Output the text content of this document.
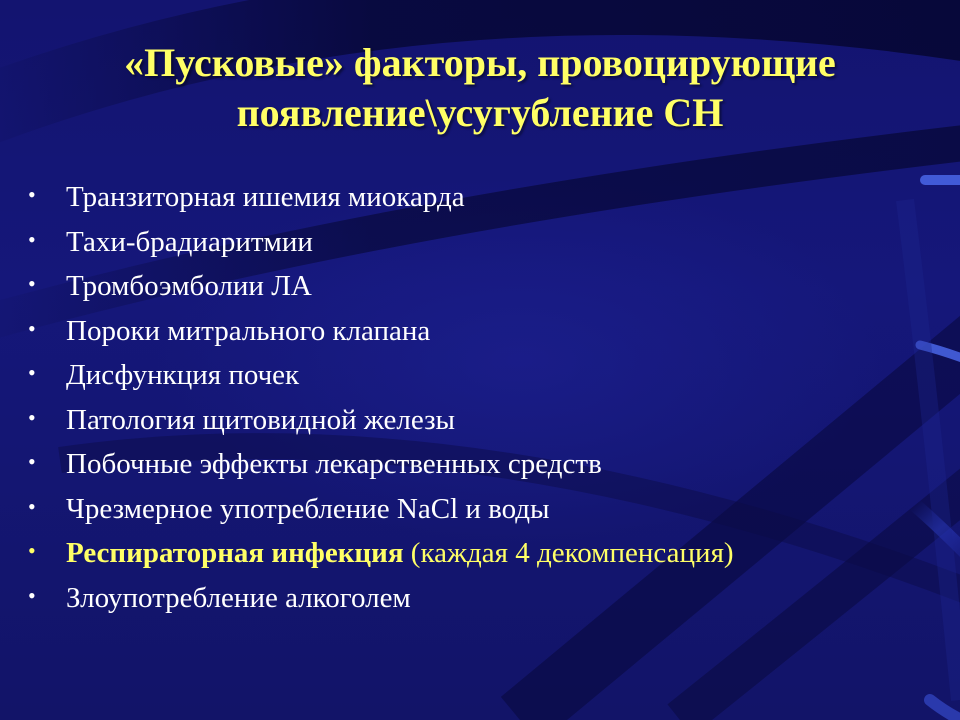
«Пусковые» факторы, провоцирующие
появление\усугубление СН
• Транзиторная ишемия миокарда
• Тахи-брадиаритмии
• Тромбоэмболии ЛА
• Пороки митрального клапана
• Дисфункция почек
• Патология щитовидной железы
• Побочные эффекты лекарственных средств
• Чрезмерное употребление NaCl и воды
• Респираторная инфекция (каждая 4 декомпенсация)
• Злоупотребление алкоголем
